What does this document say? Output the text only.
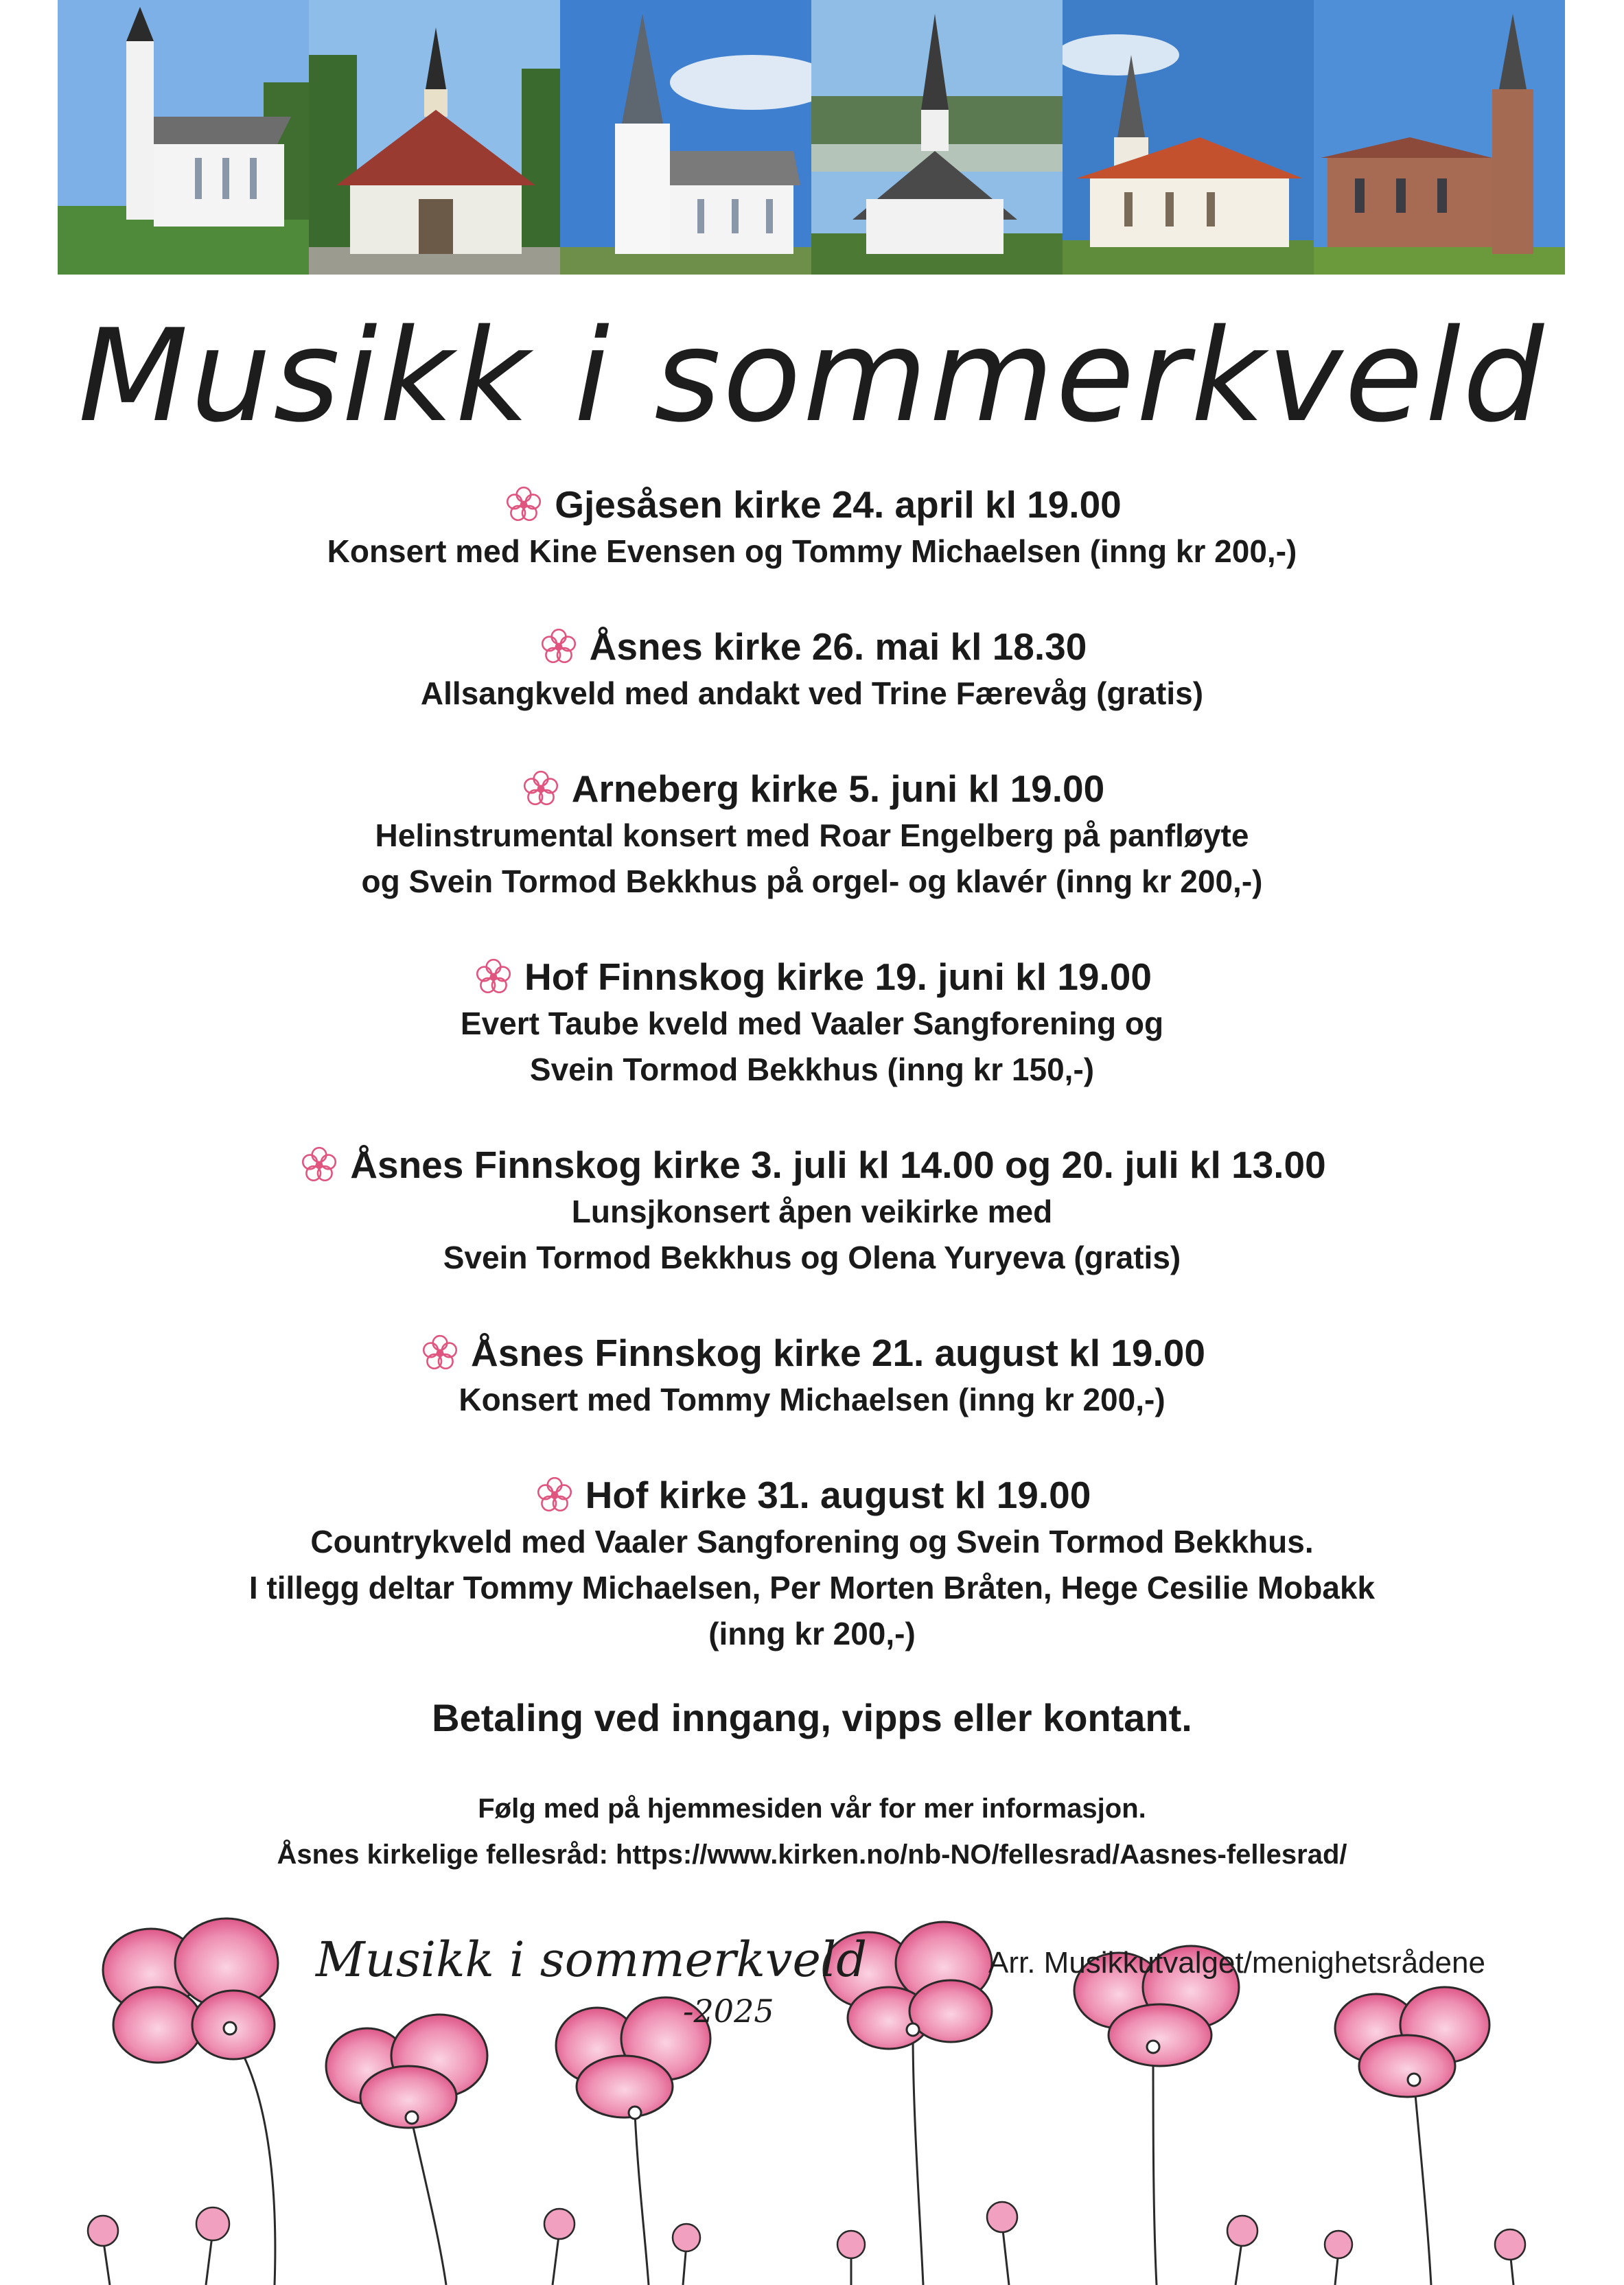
Musikk i sommerkveld
Gjesåsen kirke 24. april kl 19.00
Konsert med Kine Evensen og Tommy Michaelsen (inng kr 200,-)
Åsnes kirke 26. mai kl 18.30
Allsangkveld med andakt ved Trine Færevåg (gratis)
Arneberg kirke 5. juni kl 19.00
Helinstrumental konsert med Roar Engelberg på panfløyte
og Svein Tormod Bekkhus på orgel- og klavér (inng kr 200,-)
Hof Finnskog kirke 19. juni kl 19.00
Evert Taube kveld med Vaaler Sangforening og
Svein Tormod Bekkhus (inng kr 150,-)
Åsnes Finnskog kirke 3. juli kl 14.00 og 20. juli kl 13.00
Lunsjkonsert åpen veikirke med
Svein Tormod Bekkhus og Olena Yuryeva (gratis)
Åsnes Finnskog kirke 21. august kl 19.00
Konsert med Tommy Michaelsen (inng kr 200,-)
Hof kirke 31. august kl 19.00
Countrykveld med Vaaler Sangforening og Svein Tormod Bekkhus.
I tillegg deltar Tommy Michaelsen, Per Morten Bråten, Hege Cesilie Mobakk
(inng kr 200,-)
Betaling ved inngang, vipps eller kontant.
Følg med på hjemmesiden vår for mer informasjon.
Åsnes kirkelige fellesråd: https://www.kirken.no/nb-NO/fellesrad/Aasnes-fellesrad/
Musikk i sommerkveld
-2025
Arr. Musikkutvalget/menighetsrådene
